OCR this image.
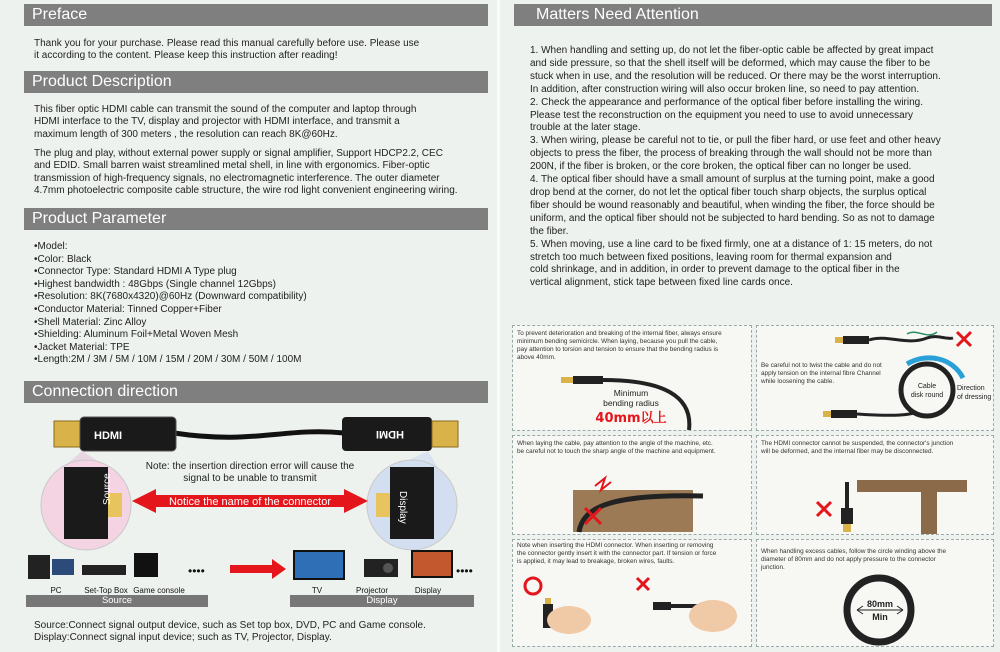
Preface
Thank you for your purchase. Please read this manual carefully before use. Please use
it according to the content. Please keep this instruction after reading!
Product Description
This fiber optic HDMI cable can transmit the sound of the computer and laptop through
HDMI interface to the TV, display and projector with HDMI interface, and transmit a
maximum length of 300 meters , the resolution can reach 8K@60Hz.
The plug and play, without external power supply or signal amplifier, Support HDCP2.2, CEC
and EDID. Small barren waist streamlined metal shell, in line with ergonomics. Fiber-optic
transmission of high-frequency signals, no electromagnetic interference. The outer diameter
4.7mm photoelectric composite cable structure, the wire rod light convenient engineering wiring.
Product Parameter
•Model:
•Color: Black
•Connector Type: Standard HDMI A Type plug
•Highest bandwidth : 48Gbps (Single channel 12Gbps)
•Resolution: 8K(7680x4320)@60Hz (Downward compatibility)
•Conductor Material: Tinned Copper+Fiber
•Shell Material: Zinc Alloy
•Shielding: Aluminum Foil+Metal Woven Mesh
•Jacket Material: TPE
•Length:2M / 3M / 5M / 10M / 15M / 20M / 30M / 50M / 100M
Connection direction
HDMI	HDMI
Source
Display
Note: the insertion direction error will cause the
signal to be unable to transmit
Notice the name of the connector
••••	••••
PC	Set-Top Box Game console	TV	Projector	Display
Source	Display
Source:Connect signal output device, such as Set top box, DVD, PC and Game console.
Display:Connect signal input device; such as TV, Projector, Display.
Matters Need Attention
1. When handling and setting up, do not let the fiber-optic cable be affected by great impact
and side pressure, so that the shell itself will be deformed, which may cause the fiber to be
stuck when in use, and the resolution will be reduced. Or there may be the worst interruption.
In addition, after construction wiring will also occur broken line, so need to pay attention.
2. Check the appearance and performance of the optical fiber before installing the wiring.
Please test the reconstruction on the equipment you need to use to avoid unnecessary
trouble at the later stage.
3. When wiring, please be careful not to tie, or pull the fiber hard, or use feet and other heavy
objects to press the fiber, the process of breaking through the wall should not be more than
200N, if the fiber is broken, or the core broken, the optical fiber can no longer be used.
4. The optical fiber should have a small amount of surplus at the turning point, make a good
drop bend at the corner, do not let the optical fiber touch sharp objects, the surplus optical
fiber should be wound reasonably and beautiful, when winding the fiber, the force should be
uniform, and the optical fiber should not be subjected to hard bending. So as not to damage
the fiber.
5. When moving, use a line card to be fixed firmly, one at a distance of 1: 15 meters, do not
stretch too much between fixed positions, leaving room for thermal expansion and
cold shrinkage, and in addition, in order to prevent damage to the optical fiber in the
vertical alignment, stick tape between fixed line cards once.
To prevent deterioration and breaking of the internal fiber, always ensure
minimum bending semicircle. When laying, because you pull the cable,
pay attention to torsion and tension to ensure that the bending radius is
above 40mm.
Minimum
bending radius
40mm以上
Be careful not to twist the cable and do not
apply tension on the internal fibre Channel
while loosening the cable.
Cable
disk round
Direction
of dressing
When laying the cable, pay attention to the angle of the machine, etc.
be careful not to touch the sharp angle of the machine and equipment.
The HDMI connector cannot be suspended, the connector's junction
will be deformed, and the internal fiber may be disconnected.
Note when inserting the HDMI connector. When inserting or removing
the connector gently insert it with the connector part. If tension or force
is applied, it may lead to breakage, broken wires, faults.
When handling excess cables, follow the circle winding above the
diameter of 80mm and do not apply pressure to the connector
junction.
80mm
Min
